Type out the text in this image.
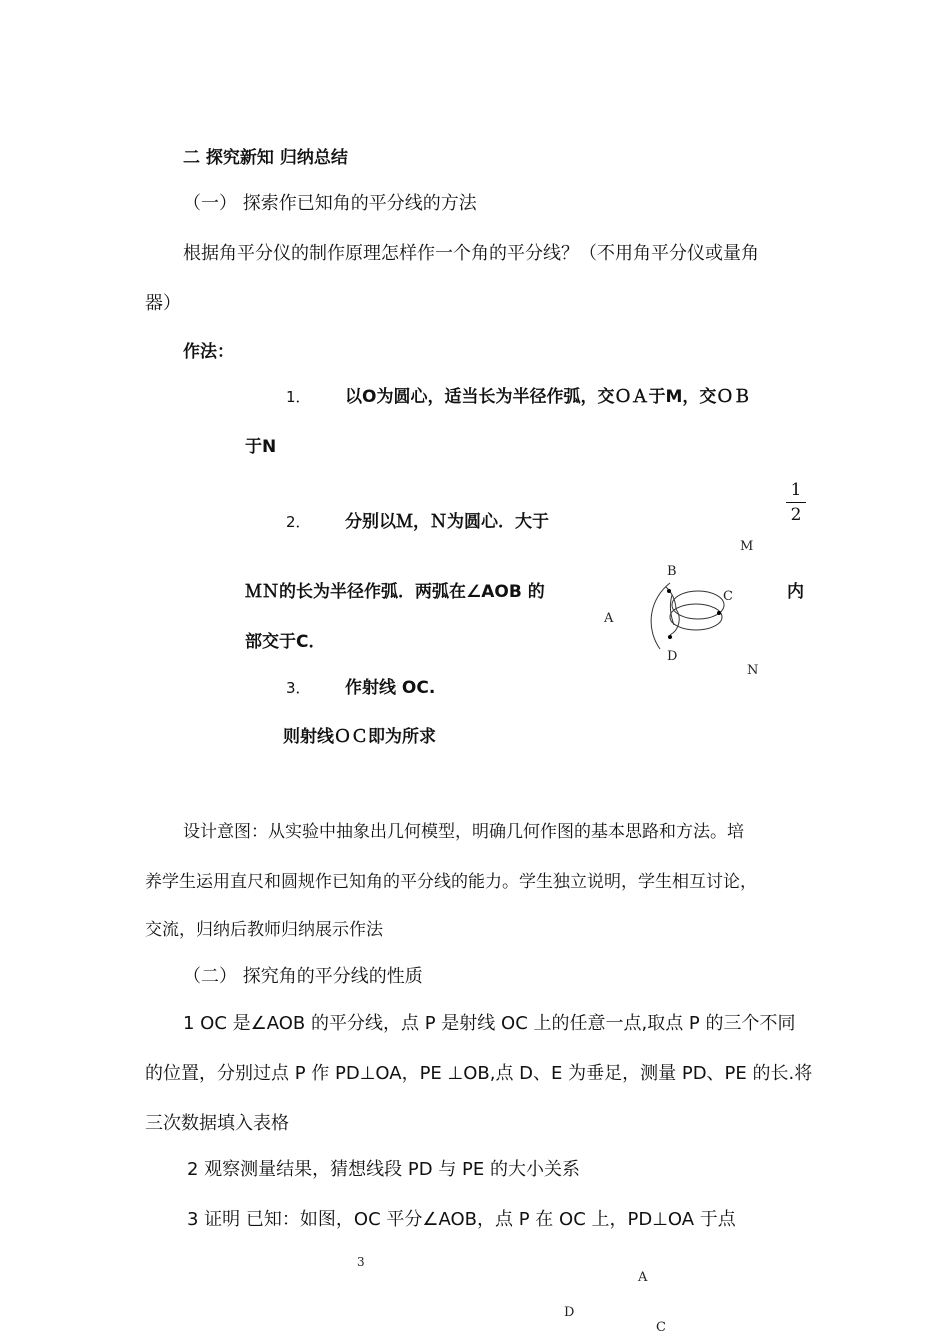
二 探究新知 归纳总结
（一） 探索作已知角的平分线的方法
根据角平分仪的制作原理怎样作一个角的平分线？（不用角平分仪或量角
器）
作法：
1． 以O为圆心，适当长为半径作弧，交ＯＡ于M，交ＯＢ
于N
2． 分别以Ｍ，Ｎ为圆心．大于
1
2
ＭＮ的长为半径作弧．两弧在∠AOB 的	内
部交于C．
3． 作射线 OC.
则射线ＯＣ即为所求
M
B
C
A
D
N
设计意图：从实验中抽象出几何模型，明确几何作图的基本思路和方法。培
养学生运用直尺和圆规作已知角的平分线的能力。学生独立说明，学生相互讨论，
交流，归纳后教师归纳展示作法
（二） 探究角的平分线的性质
1 OC 是∠AOB 的平分线，点 P 是射线 OC 上的任意一点,取点 P 的三个不同
的位置，分别过点 P 作 PD⊥OA，PE ⊥OB,点 D、E 为垂足，测量 PD、PE 的长.将
三次数据填入表格
2 观察测量结果，猜想线段 PD 与 PE 的大小关系
3 证明 已知：如图，OC 平分∠AOB，点 P 在 OC 上，PD⊥OA 于点
3
A
D
C
